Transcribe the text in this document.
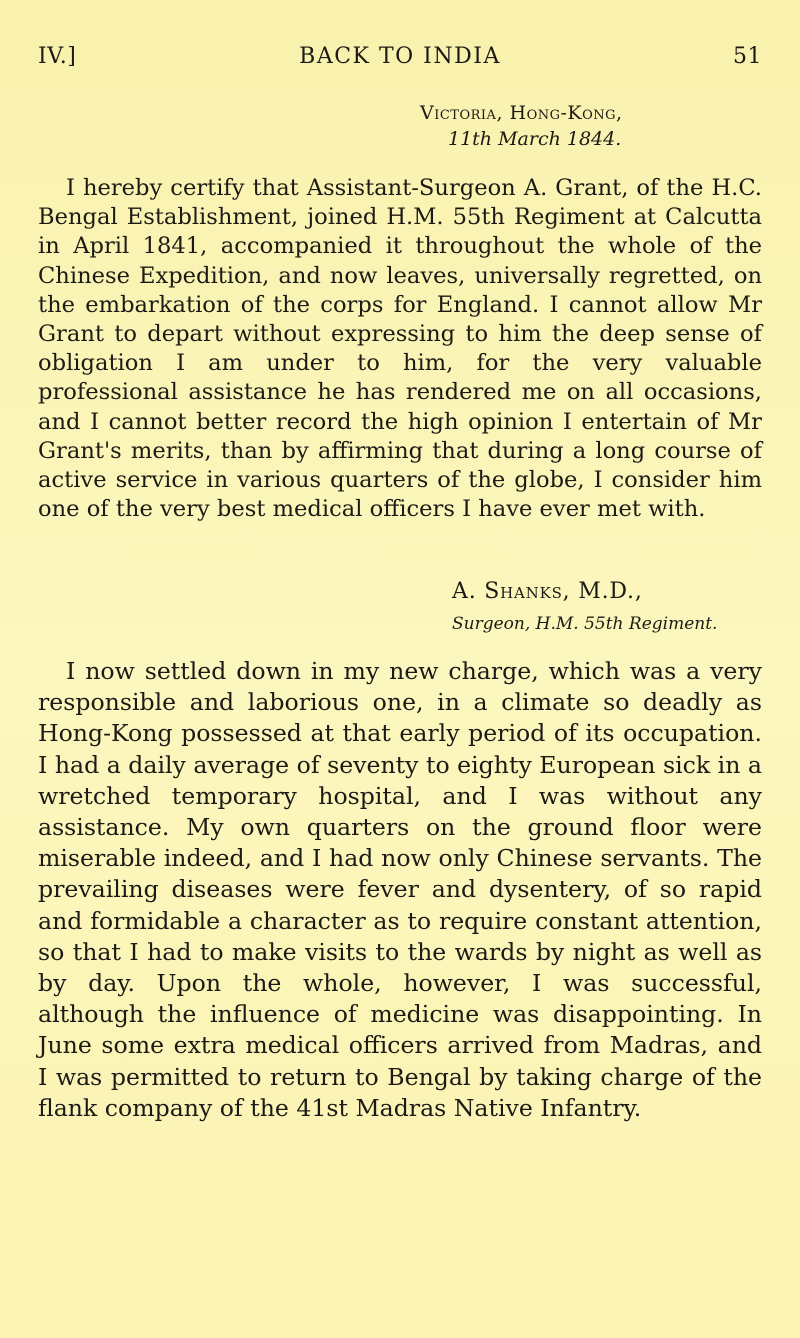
IV.]	BACK TO INDIA	51
Victoria, Hong-Kong,
11th March 1844.

I hereby certify that Assistant-Surgeon A. Grant, of the H.C. Bengal Establishment, joined H.M. 55th Regiment at Calcutta in April 1841, accompanied it throughout the whole of the Chinese Expedition, and now leaves, universally regretted, on the embarkation of the corps for England. I cannot allow Mr Grant to depart without expressing to him the deep sense of obligation I am under to him, for the very valuable professional assistance he has rendered me on all occasions, and I cannot better record the high opinion I entertain of Mr Grant's merits, than by affirming that during a long course of active service in various quarters of the globe, I consider him one of the very best medical officers I have ever met with.

A. Shanks, M.D.,
Surgeon, H.M. 55th Regiment.

I now settled down in my new charge, which was a very responsible and laborious one, in a climate so deadly as Hong-Kong possessed at that early period of its occupation. I had a daily average of seventy to eighty European sick in a wretched temporary hospital, and I was without any assistance. My own quarters on the ground floor were miserable indeed, and I had now only Chinese servants. The prevailing diseases were fever and dysentery, of so rapid and formidable a character as to require constant attention, so that I had to make visits to the wards by night as well as by day. Upon the whole, however, I was successful, although the influence of medicine was disappointing. In June some extra medical officers arrived from Madras, and I was permitted to return to Bengal by taking charge of the flank company of the 41st Madras Native Infantry.
